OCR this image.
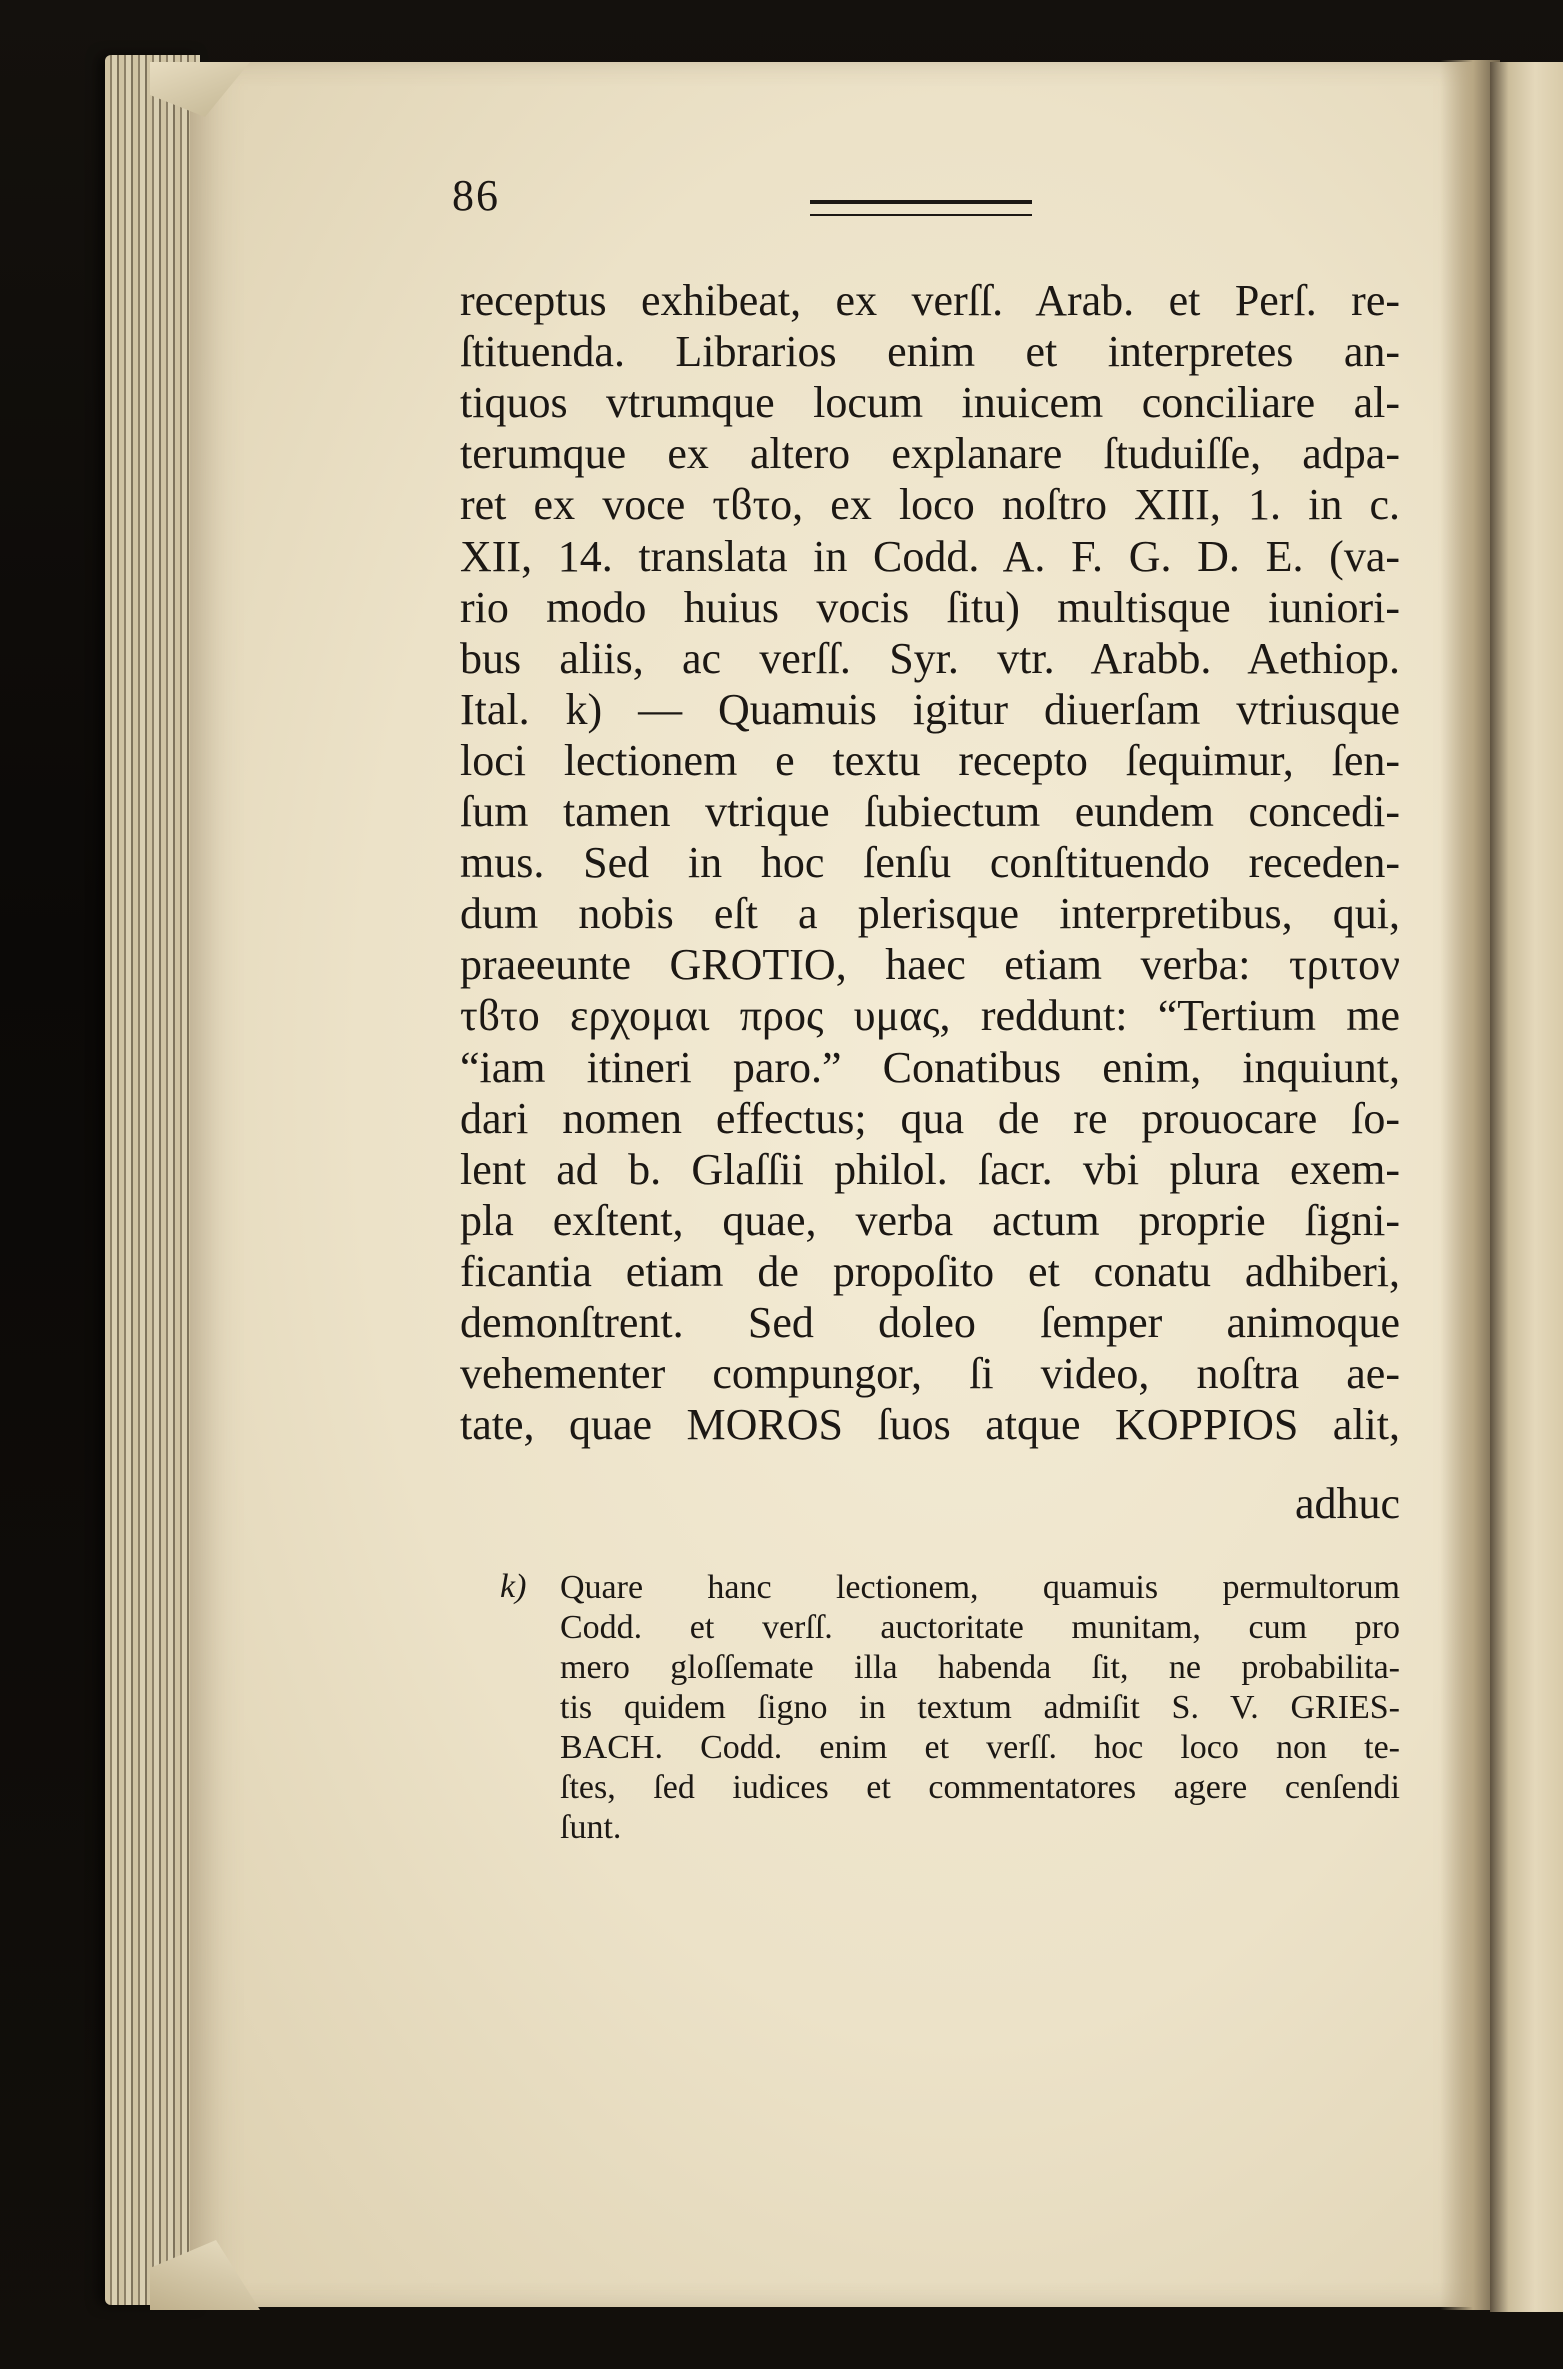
86
receptus exhibeat, ex verſſ. Arab. et Perſ. re-
ſtituenda. Librarios enim et interpretes an-
tiquos vtrumque locum inuicem conciliare al-
terumque ex altero explanare ſtuduiſſe, adpa-
ret ex voce τϐτο, ex loco noſtro XIII, 1. in c.
XII, 14. translata in Codd. A. F. G. D. E. (va-
rio modo huius vocis ſitu) multisque iuniori-
bus aliis, ac verſſ. Syr. vtr. Arabb. Aethiop.
Ital. k) — Quamuis igitur diuerſam vtriusque
loci lectionem e textu recepto ſequimur, ſen-
ſum tamen vtrique ſubiectum eundem concedi-
mus. Sed in hoc ſenſu conſtituendo receden-
dum nobis eſt a plerisque interpretibus, qui,
praeeunte GROTIO, haec etiam verba: τριτον
τϐτο ερχομαι προς υμας, reddunt: “Tertium me
“iam itineri paro.” Conatibus enim, inquiunt,
dari nomen effectus; qua de re prouocare ſo-
lent ad b. Glaſſii philol. ſacr. vbi plura exem-
pla exſtent, quae, verba actum proprie ſigni-
ficantia etiam de propoſito et conatu adhiberi,
demonſtrent. Sed doleo ſemper animoque
vehementer compungor, ſi video, noſtra ae-
tate, quae MOROS ſuos atque KOPPIOS alit,
adhuc
k) Quare hanc lectionem, quamuis permultorum
Codd. et verſſ. auctoritate munitam, cum pro
mero gloſſemate illa habenda ſit, ne probabilita-
tis quidem ſigno in textum admiſit S. V. GRIES-
BACH. Codd. enim et verſſ. hoc loco non te-
ſtes, ſed iudices et commentatores agere cenſendi
ſunt.
